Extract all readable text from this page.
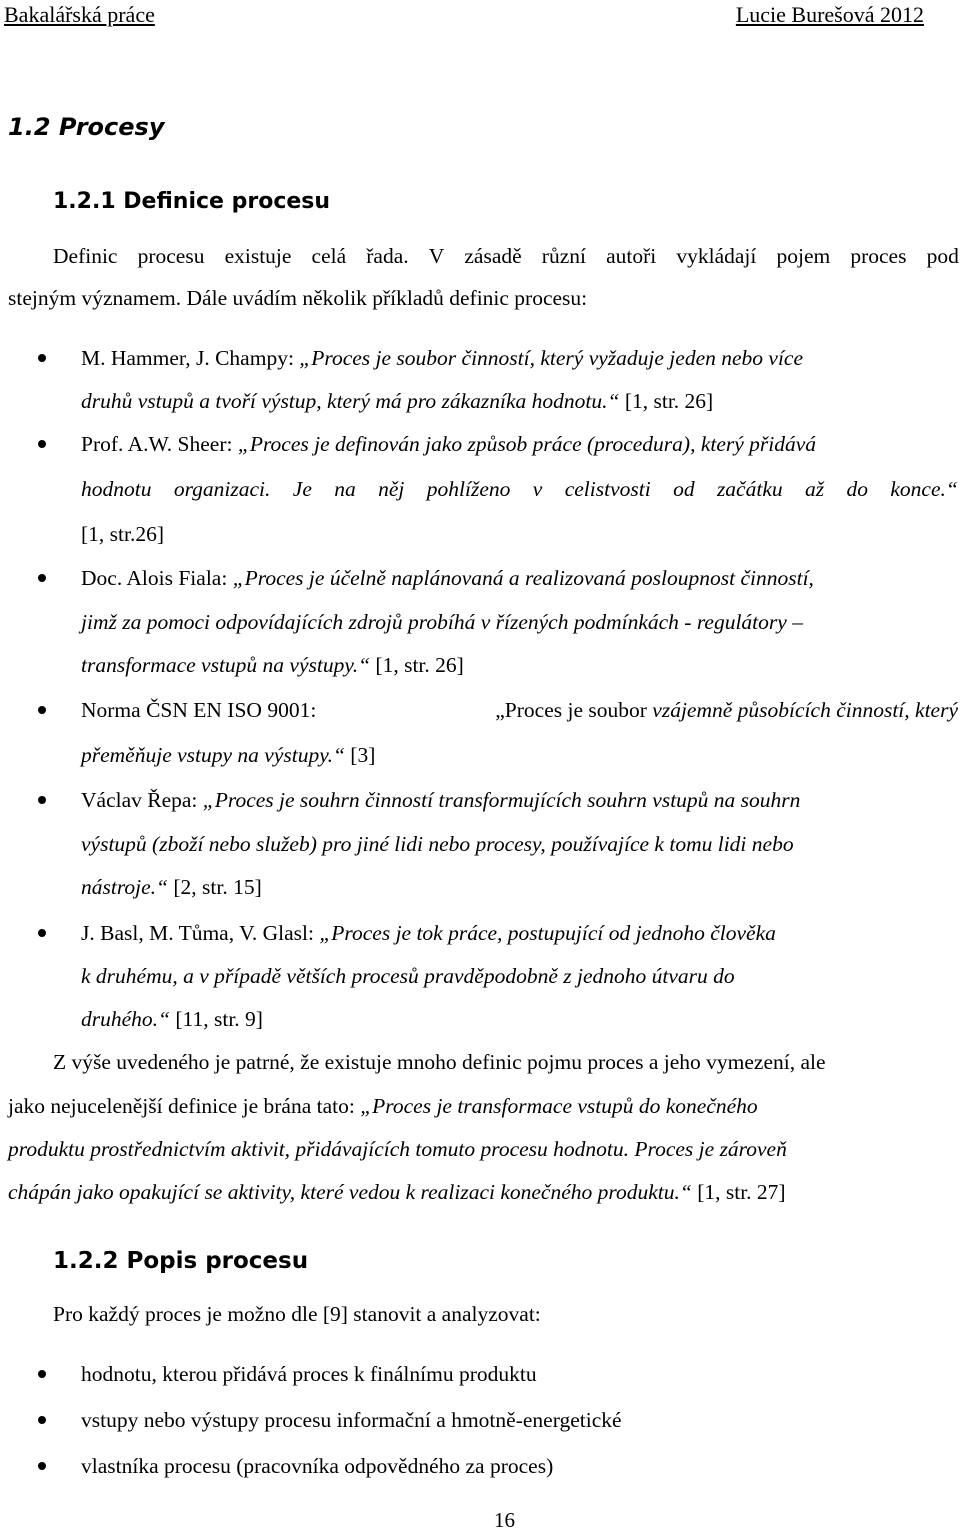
Bakalářská práce	Lucie Burešová 2012
1.2 Procesy
1.2.1 Definice procesu
Definic procesu existuje celá řada. V zásadě různí autoři vykládají pojem proces pod
stejným významem. Dále uvádím několik příkladů definic procesu:
M. Hammer, J. Champy: „Proces je soubor činností, který vyžaduje jeden nebo více
druhů vstupů a tvoří výstup, který má pro zákazníka hodnotu.“ [1, str. 26]
Prof. A.W. Sheer: „Proces je definován jako způsob práce (procedura), který přidává
hodnotu organizaci. Je na něj pohlíženo v celistvosti od začátku až do konce.“
[1, str.26]
Doc. Alois Fiala: „Proces je účelně naplánovaná a realizovaná posloupnost činností,
jimž za pomoci odpovídajících zdrojů probíhá v řízených podmínkách - regulátory –
transformace vstupů na výstupy.“ [1, str. 26]
Norma ČSN EN ISO 9001:	„Proces je soubor vzájemně působících činností, který
přeměňuje vstupy na výstupy.“ [3]
Václav Řepa: „Proces je souhrn činností transformujících souhrn vstupů na souhrn
výstupů (zboží nebo služeb) pro jiné lidi nebo procesy, používajíce k tomu lidi nebo
nástroje.“ [2, str. 15]
J. Basl, M. Tůma, V. Glasl: „Proces je tok práce, postupující od jednoho člověka
k druhému, a v případě větších procesů pravděpodobně z jednoho útvaru do
druhého.“ [11, str. 9]
Z výše uvedeného je patrné, že existuje mnoho definic pojmu proces a jeho vymezení, ale
jako nejucelenější definice je brána tato: „Proces je transformace vstupů do konečného
produktu prostřednictvím aktivit, přidávajících tomuto procesu hodnotu. Proces je zároveň
chápán jako opakující se aktivity, které vedou k realizaci konečného produktu.“ [1, str. 27]
1.2.2 Popis procesu
Pro každý proces je možno dle [9] stanovit a analyzovat:
hodnotu, kterou přidává proces k finálnímu produktu
vstupy nebo výstupy procesu informační a hmotně-energetické
vlastníka procesu (pracovníka odpovědného za proces)
16
